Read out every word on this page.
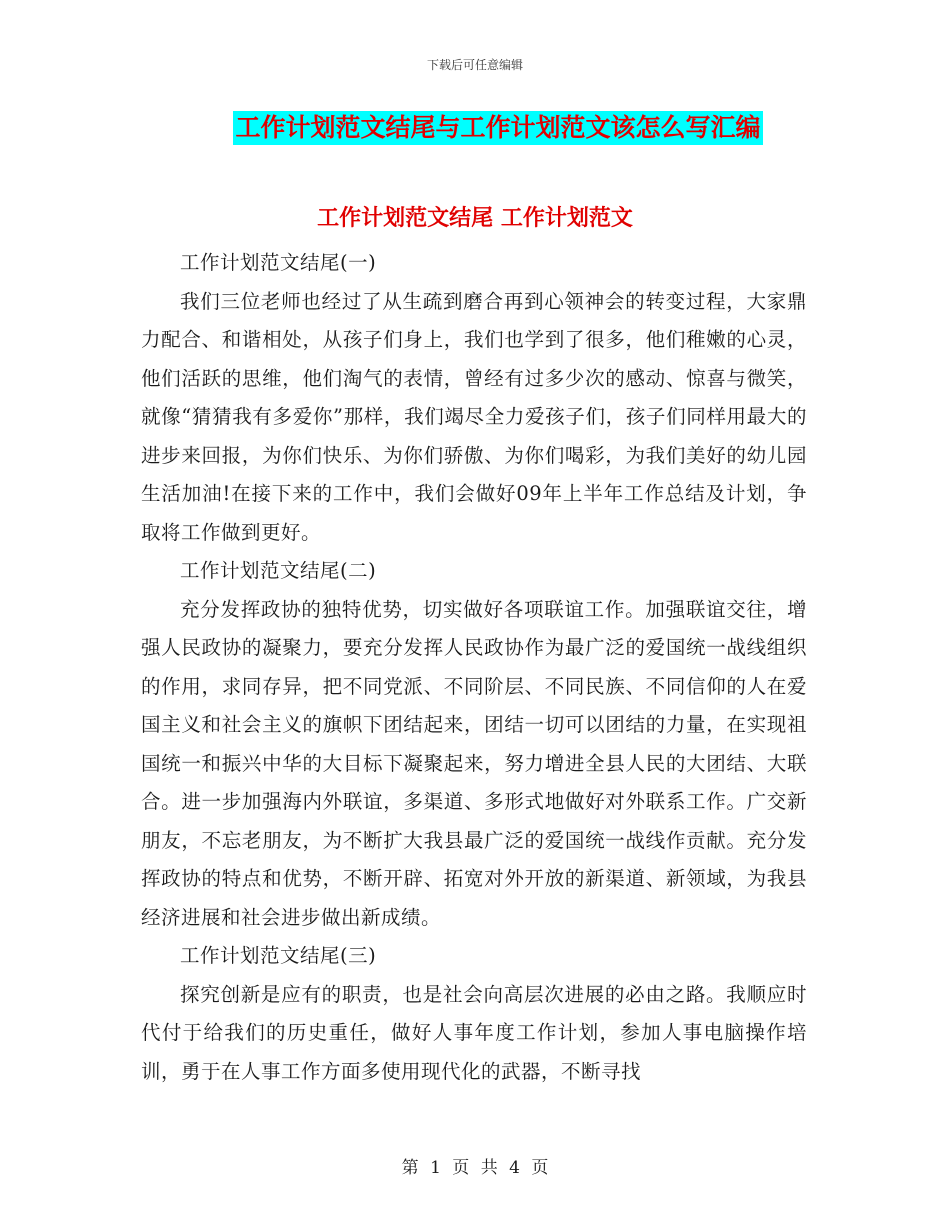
下载后可任意编辑
工作计划范文结尾与工作计划范文该怎么写汇编
工作计划范文结尾 工作计划范文

工作计划范文结尾(一)

我们三位老师也经过了从生疏到磨合再到心领神会的转变过程，大家鼎力配合、和谐相处，从孩子们身上，我们也学到了很多，他们稚嫩的心灵，他们活跃的思维，他们淘气的表情，曾经有过多少次的感动、惊喜与微笑，就像“猜猜我有多爱你”那样，我们竭尽全力爱孩子们，孩子们同样用最大的进步来回报，为你们快乐、为你们骄傲、为你们喝彩，为我们美好的幼儿园生活加油!在接下来的工作中，我们会做好09年上半年工作总结及计划，争取将工作做到更好。

工作计划范文结尾(二)

充分发挥政协的独特优势，切实做好各项联谊工作。加强联谊交往，增强人民政协的凝聚力，要充分发挥人民政协作为最广泛的爱国统一战线组织的作用，求同存异，把不同党派、不同阶层、不同民族、不同信仰的人在爱国主义和社会主义的旗帜下团结起来，团结一切可以团结的力量，在实现祖国统一和振兴中华的大目标下凝聚起来，努力增进全县人民的大团结、大联合。进一步加强海内外联谊，多渠道、多形式地做好对外联系工作。广交新朋友，不忘老朋友，为不断扩大我县最广泛的爱国统一战线作贡献。充分发挥政协的特点和优势，不断开辟、拓宽对外开放的新渠道、新领域，为我县经济进展和社会进步做出新成绩。

工作计划范文结尾(三)

探究创新是应有的职责，也是社会向高层次进展的必由之路。我顺应时代付于给我们的历史重任，做好人事年度工作计划，参加人事电脑操作培训，勇于在人事工作方面多使用现代化的武器，不断寻找

第 1 页 共 4 页
